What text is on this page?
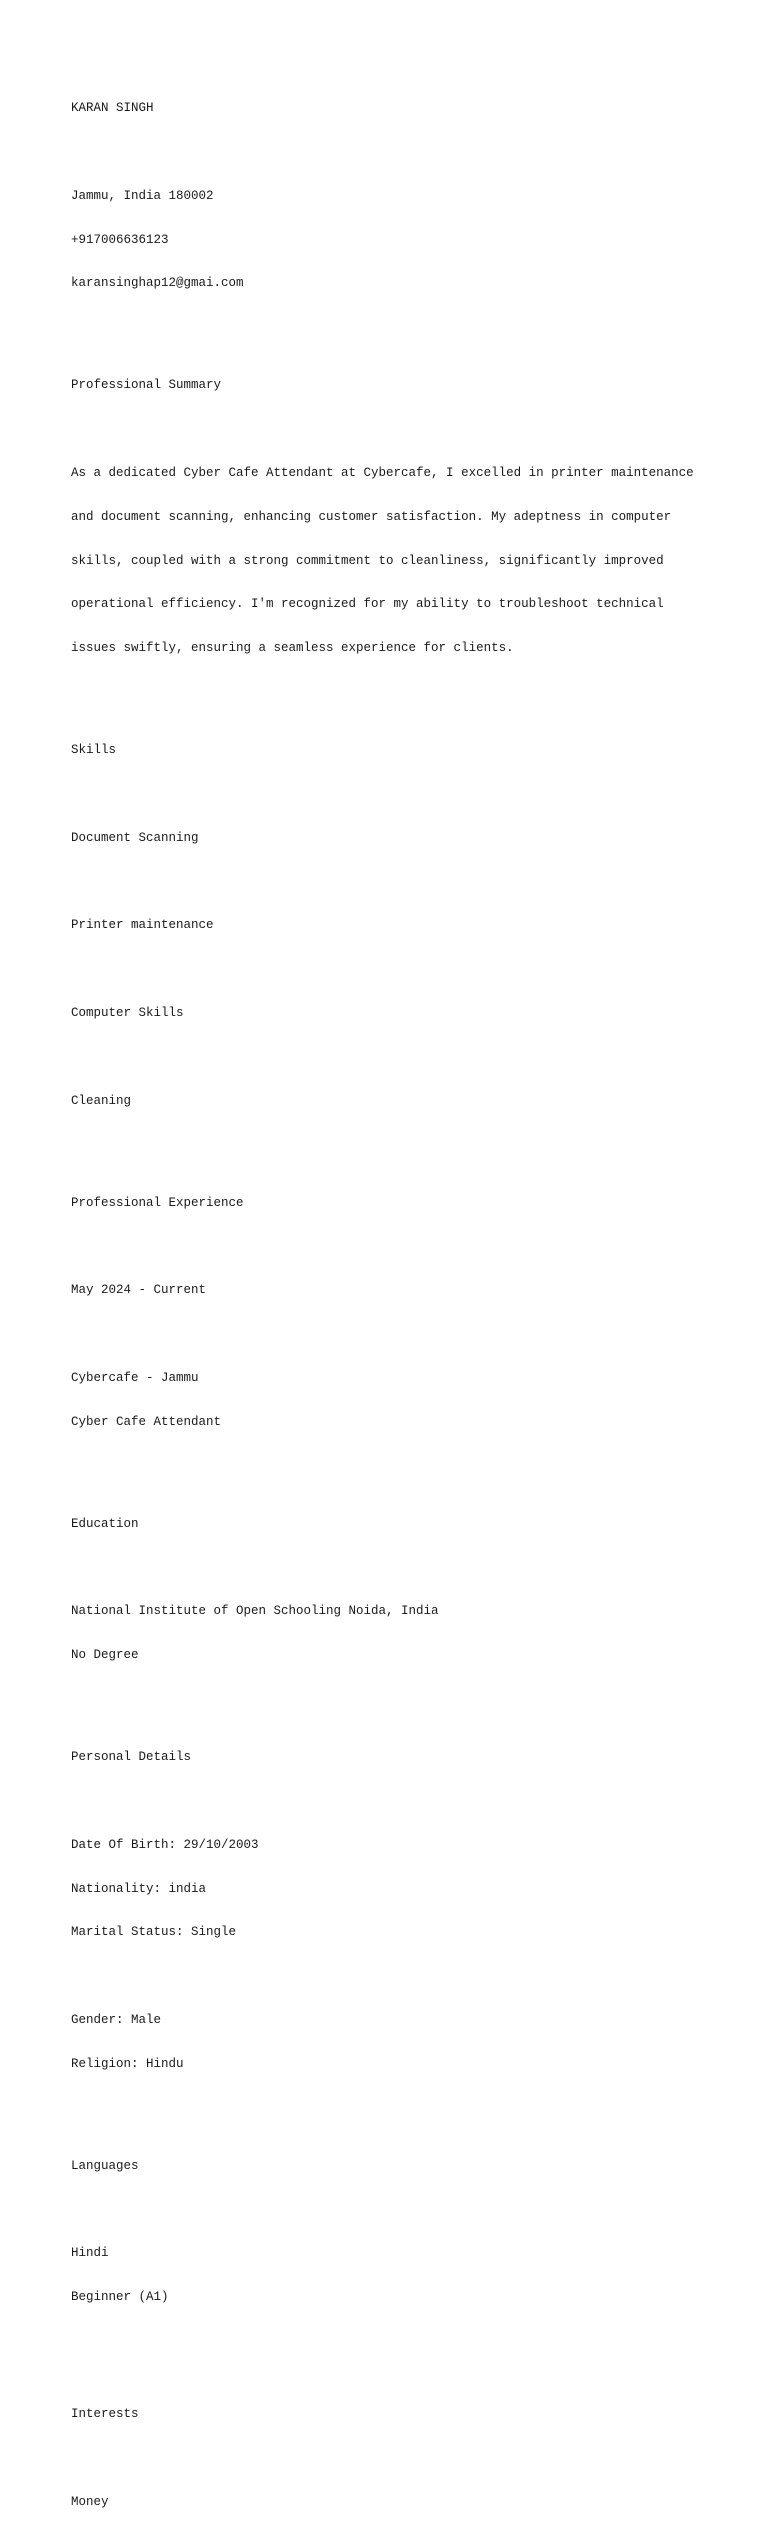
KARAN SINGH

Jammu, India 180002

+917006636123

karansinghap12@gmai.com

Professional Summary

As a dedicated Cyber Cafe Attendant at Cybercafe, I excelled in printer maintenance

and document scanning, enhancing customer satisfaction. My adeptness in computer

skills, coupled with a strong commitment to cleanliness, significantly improved

operational efficiency. I'm recognized for my ability to troubleshoot technical

issues swiftly, ensuring a seamless experience for clients.

Skills

Document Scanning

Printer maintenance

Computer Skills

Cleaning

Professional Experience

May 2024 - Current

Cybercafe - Jammu

Cyber Cafe Attendant

Education

National Institute of Open Schooling Noida, India

No Degree

Personal Details

Date Of Birth: 29/10/2003

Nationality: india

Marital Status: Single

Gender: Male

Religion: Hindu

Languages

Hindi

Beginner (A1)

Interests

Money
